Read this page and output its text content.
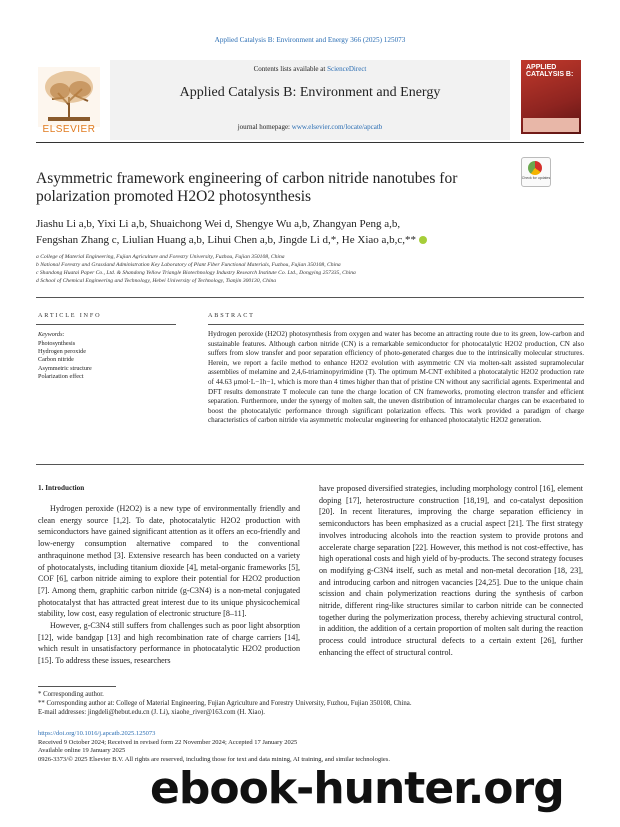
Applied Catalysis B: Environment and Energy 366 (2025) 125073
ELSEVIER
Contents lists available at ScienceDirect
Applied Catalysis B: Environment and Energy
journal homepage: www.elsevier.com/locate/apcatb
APPLIED CATALYSIS B:
Check for updates
Asymmetric framework engineering of carbon nitride nanotubes for polarization promoted H2O2 photosynthesis
Jiashu Li a,b, Yixi Li a,b, Shuaichong Wei d, Shengye Wu a,b, Zhangyan Peng a,b,
Fengshan Zhang c, Liulian Huang a,b, Lihui Chen a,b, Jingde Li d,*, He Xiao a,b,c,**
a College of Material Engineering, Fujian Agriculture and Forestry University, Fuzhou, Fujian 350108, China
b National Forestry and Grassland Administration Key Laboratory of Plant Fiber Functional Materials, Fuzhou, Fujian 350108, China
c Shandong Huatai Paper Co., Ltd. & Shandong Yellow Triangle Biotechnology Industry Research Institute Co. Ltd., Dongying 257335, China
d School of Chemical Engineering and Technology, Hebei University of Technology, Tianjin 300130, China
ARTICLE INFO	ABSTRACT
Keywords:
Photosynthesis
Hydrogen peroxide
Carbon nitride
Asymmetric structure
Polarization effect
Hydrogen peroxide (H2O2) photosynthesis from oxygen and water has become an attracting route due to its green, low-carbon and sustainable features. Although carbon nitride (CN) is a remarkable semiconductor for photocatalytic H2O2 production, CN also suffers from slow transfer and poor separation efficiency of photo-generated charges due to the intrinsically molecular structures. Herein, we report a facile method to enhance H2O2 evolution with asymmetric CN via molten-salt assisted supramolecular assemblies of melamine and 2,4,6-triaminopyrimidine (T). The optimum M-CNT exhibited a photocatalytic H2O2 production rate of 44.63 μmol·L−1h−1, which is more than 4 times higher than that of pristine CN without any sacrificial agents. Experimental and DFT results demonstrate T molecule can tune the charge location of CN frameworks, promoting electron transfer and efficient separation. Furthermore, under the synergy of molten salt, the uneven distribution of intramolecular charges can be exacerbated to boost the photocatalytic performance through significant polarization effects. This work provided a paradigm of charge characteristics of carbon nitride via asymmetric molecular engineering for enhanced photocatalytic H2O2 generation.
1. Introduction

Hydrogen peroxide (H2O2) is a new type of environmentally friendly and clean energy source [1,2]. To date, photocatalytic H2O2 production with semiconductors have gained significant attention as it offers an eco-friendly and low-energy consumption alternative compared to the conventional anthraquinone method [3]. Extensive research has been conducted on a variety of photocatalysts, including titanium dioxide [4], metal-organic frameworks [5], COF [6], carbon nitride aiming to explore their potential for H2O2 production [7]. Among them, graphitic carbon nitride (g-C3N4) is a non-metal conjugated photocatalyst that has attracted great interest due to its unique physicochemical stability, low cost, easy regulation of electronic structure [8–11].

However, g-C3N4 still suffers from challenges such as poor light absorption [12], wide bandgap [13] and high recombination rate of charge carriers [14], which result in unsatisfactory performance in photocatalytic H2O2 production [15]. To address these issues, researchers

have proposed diversified strategies, including morphology control [16], element doping [17], heterostructure construction [18,19], and co-catalyst deposition [20]. In recent literatures, improving the charge separation efficiency in semiconductors has been emphasized as a crucial aspect [21]. The first strategy involves introducing alcohols into the reaction system to provide protons and accelerate charge separation [22]. However, this method is not cost-effective, has high operational costs and high yield of by-products. The second strategy focuses on modifying g-C3N4 itself, such as metal and non-metal decoration [18, 23], and introducing carbon and nitrogen vacancies [24,25]. Due to the unique chain scission and chain polymerization reactions during the synthesis of carbon nitride, different ring-like structures similar to carbon nitride can be connected together during the polymerization process, thereby achieving structural control, in addition, the addition of a certain proportion of molten salt during the reaction process could introduce structural defects to a certain extent [26], further enhancing the effect of structural control.

* Corresponding author.
** Corresponding author at: College of Material Engineering, Fujian Agriculture and Forestry University, Fuzhou, Fujian 350108, China.
E-mail addresses: jingdeli@hebut.edu.cn (J. Li), xiaohe_river@163.com (H. Xiao).
https://doi.org/10.1016/j.apcatb.2025.125073
Received 9 October 2024; Received in revised form 22 November 2024; Accepted 17 January 2025
Available online 19 January 2025
0926-3373/© 2025 Elsevier B.V. All rights are reserved, including those for text and data mining, AI training, and similar technologies.
ebook-hunter.org
